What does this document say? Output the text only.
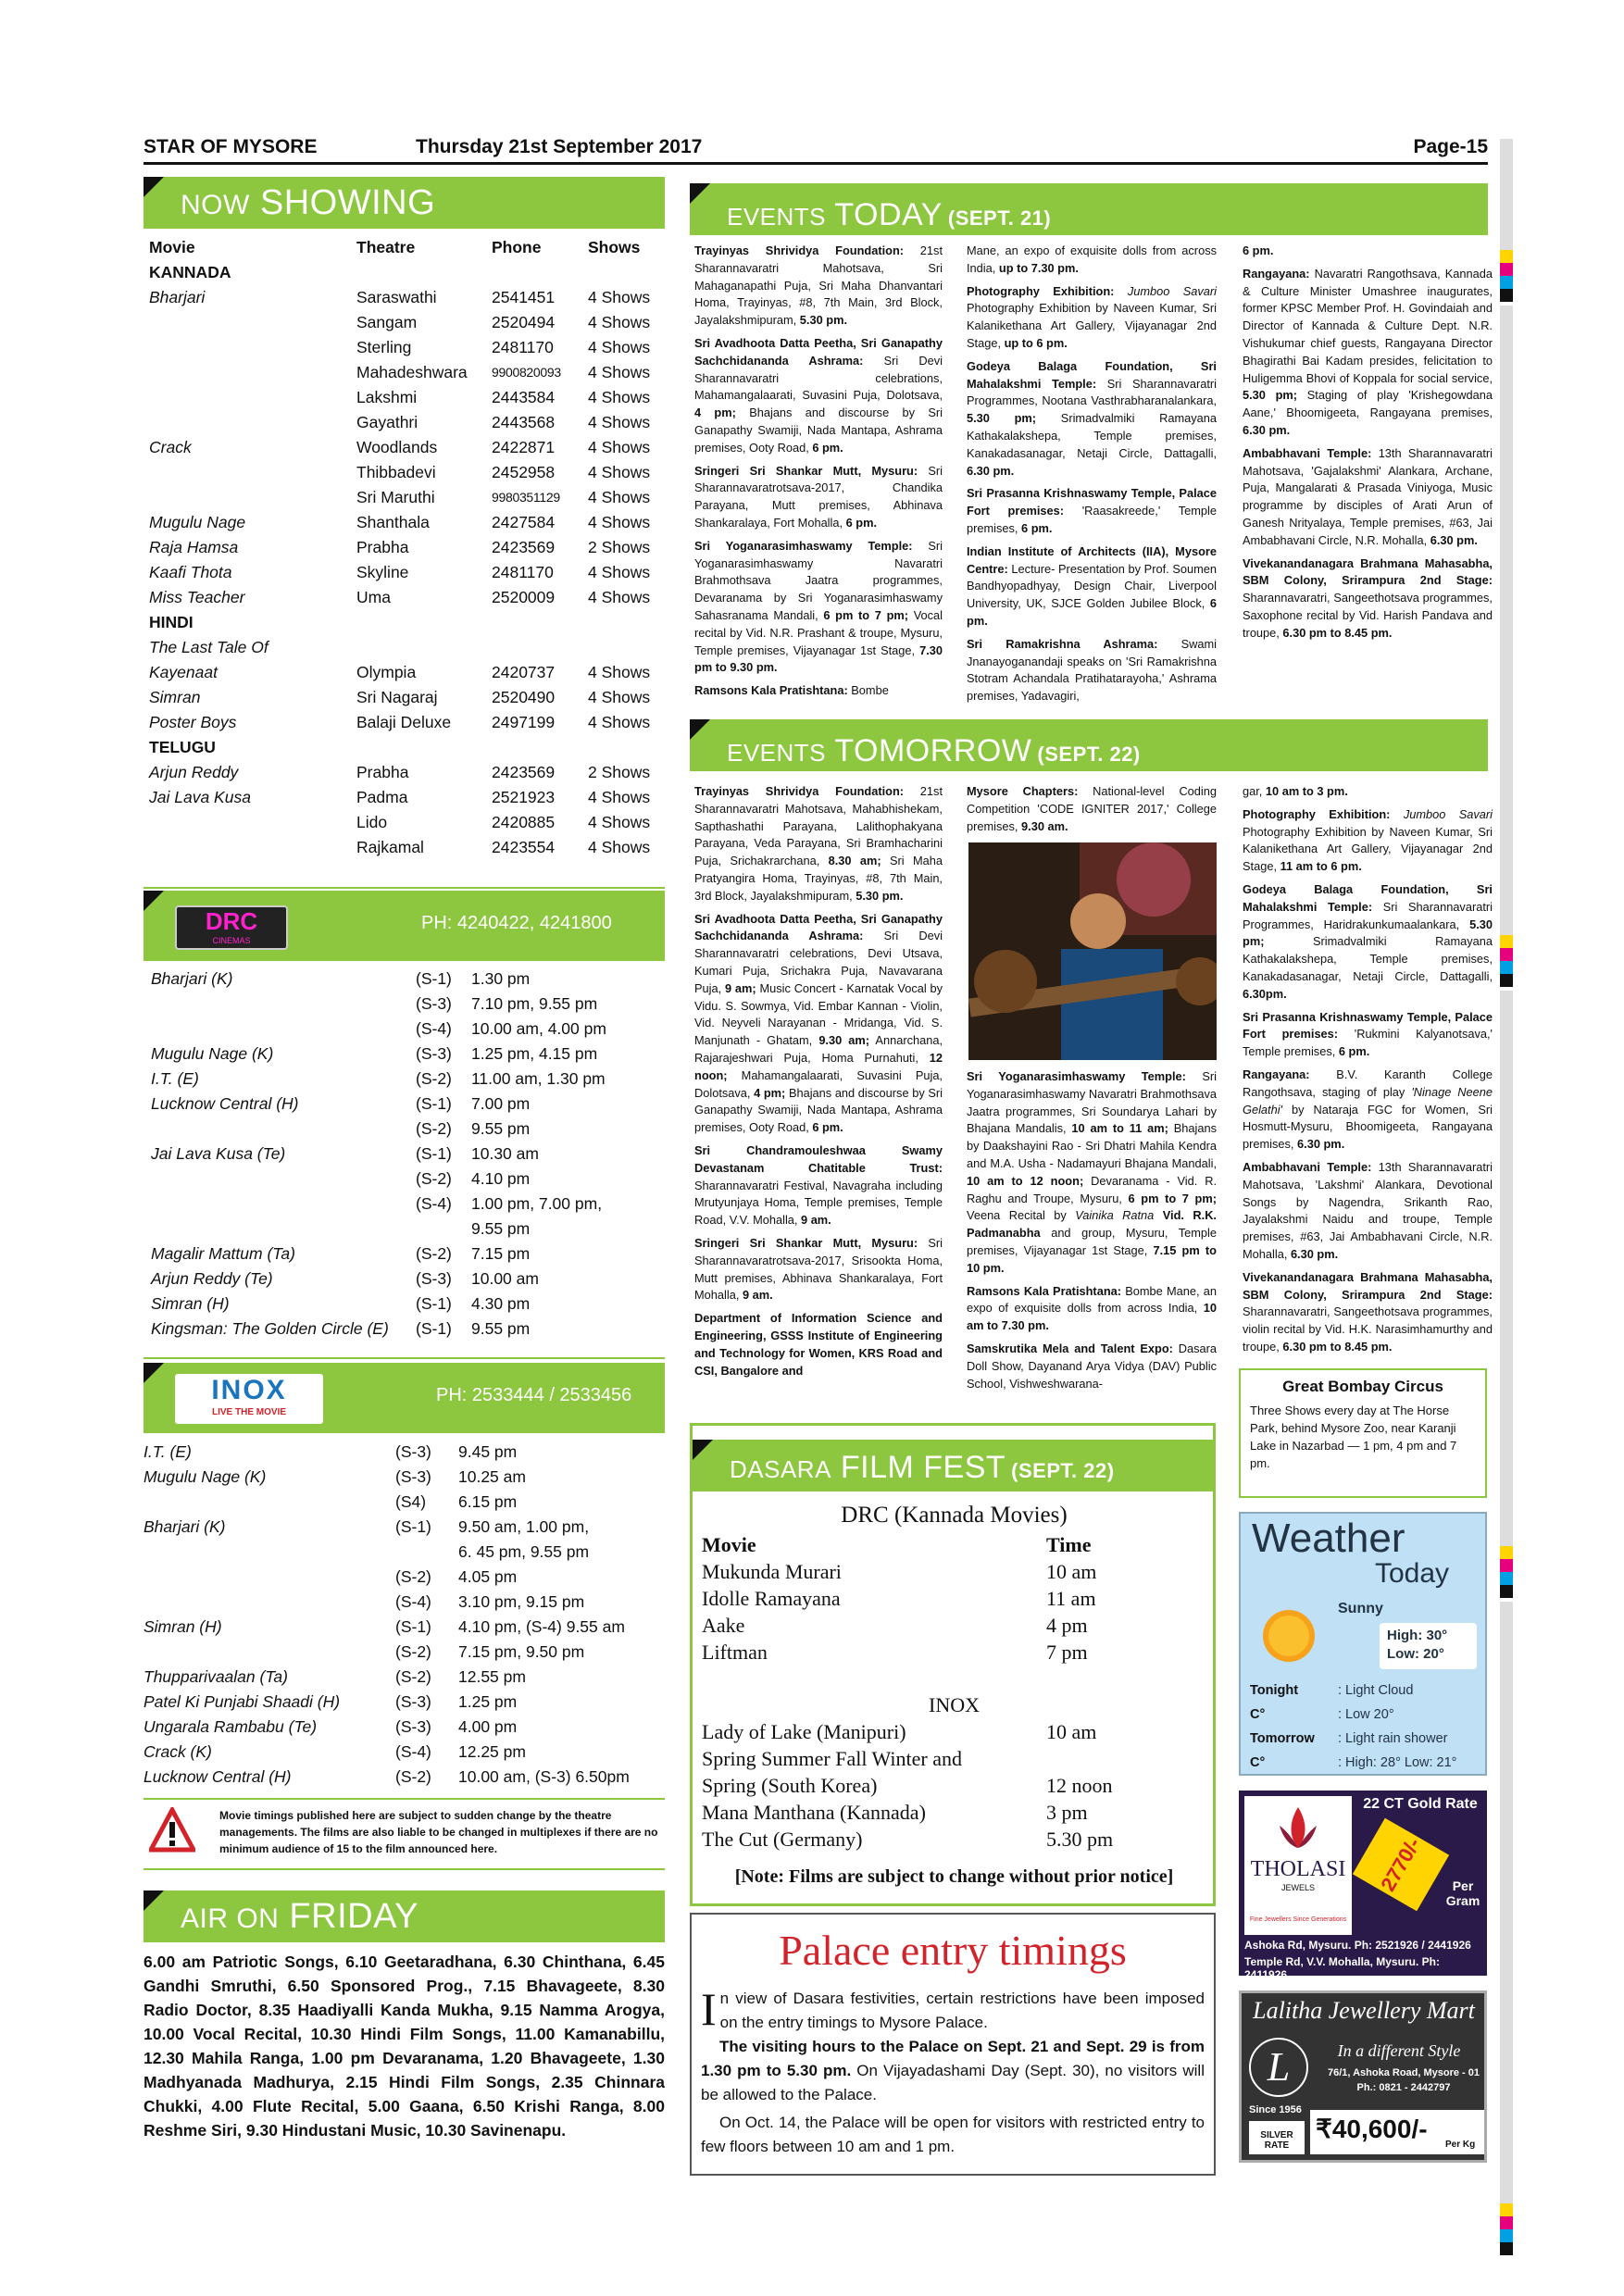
STAR OF MYSORE	Thursday 21st September 2017	Page-15
NOW SHOWING
Movie	Theatre	Phone	Shows
KANNADA
Bharjari	Saraswathi	2541451 4 Shows
Sangam	2520494 4 Shows
Sterling	2481170 4 Shows
Mahadeshwara 9900820093 4 Shows
Lakshmi	2443584 4 Shows
Gayathri	2443568 4 Shows
Crack	Woodlands	2422871 4 Shows
Thibbadevi	2452958 4 Shows
Sri Maruthi	9980351129 4 Shows
Mugulu Nage	Shanthala	2427584 4 Shows
Raja Hamsa	Prabha	2423569 2 Shows
Kaafi Thota	Skyline	2481170 4 Shows
Miss Teacher	Uma	2520009 4 Shows
HINDI
The Last Tale Of
Kayenaat	Olympia	2420737 4 Shows
Simran	Sri Nagaraj	2520490 4 Shows
Poster Boys	Balaji Deluxe	2497199 4 Shows
TELUGU
Arjun Reddy	Prabha	2423569 2 Shows
Jai Lava Kusa	Padma	2521923 4 Shows
Lido	2420885 4 Shows
Rajkamal	2423554 4 Shows
DRC
CINEMAS
PH: 4240422, 4241800
Bharjari (K)	(S-1) 1.30 pm
(S-3) 7.10 pm, 9.55 pm
(S-4) 10.00 am, 4.00 pm
Mugulu Nage (K)	(S-3) 1.25 pm, 4.15 pm
I.T. (E)	(S-2) 11.00 am, 1.30 pm
Lucknow Central (H)	(S-1) 7.00 pm
(S-2) 9.55 pm
Jai Lava Kusa (Te)	(S-1) 10.30 am
(S-2) 4.10 pm
(S-4) 1.00 pm, 7.00 pm,
9.55 pm
Magalir Mattum (Ta)	(S-2) 7.15 pm
Arjun Reddy (Te)	(S-3) 10.00 am
Simran (H)	(S-1) 4.30 pm
Kingsman: The Golden Circle (E) (S-1) 9.55 pm
INOX
LIVE THE MOVIE
PH: 2533444 / 2533456
I.T. (E)	(S-3) 9.45 pm
Mugulu Nage (K)	(S-3) 10.25 am
(S4) 6.15 pm
Bharjari (K)	(S-1) 9.50 am, 1.00 pm,
6. 45 pm, 9.55 pm
(S-2) 4.05 pm
(S-4) 3.10 pm, 9.15 pm
Simran (H)	(S-1) 4.10 pm, (S-4) 9.55 am
(S-2) 7.15 pm, 9.50 pm
Thupparivaalan (Ta)	(S-2) 12.55 pm
Patel Ki Punjabi Shaadi (H)	(S-3) 1.25 pm
Ungarala Rambabu (Te)	(S-3) 4.00 pm
Crack (K)	(S-4) 12.25 pm
Lucknow Central (H)	(S-2) 10.00 am, (S-3) 6.50pm
Movie timings published here are subject to sudden change by the theatre managements. The films are also liable to be changed in multiplexes if there are no minimum audience of 15 to the film announced here.
AIR ON FRIDAY
6.00 am Patriotic Songs, 6.10 Geetaradhana, 6.30 Chinthana, 6.45 Gandhi Smruthi, 6.50 Sponsored Prog., 7.15 Bhavageete, 8.30 Radio Doctor, 8.35 Haadiyalli Kanda Mukha, 9.15 Namma Arogya, 10.00 Vocal Recital, 10.30 Hindi Film Songs, 11.00 Kamanabillu, 12.30 Mahila Ranga, 1.00 pm Devaranama, 1.20 Bhavageete, 1.30 Madhyanada Madhurya, 2.15 Hindi Film Songs, 2.35 Chinnara Chukki, 4.00 Flute Recital, 5.00 Gaana, 6.50 Krishi Ranga, 8.00 Reshme Siri, 9.30 Hindustani Music, 10.30 Savinenapu.
EVENTS TODAY (SEPT. 21)

Trayinyas Shrividya Foundation: 21st Sharannavaratri Mahotsava, Sri Mahaganapathi Puja, Sri Maha Dhanvantari Homa, Trayinyas, #8, 7th Main, 3rd Block, Jayalakshmipuram, 5.30 pm.

Sri Avadhoota Datta Peetha, Sri Ganapathy Sachchidananda Ashrama: Sri Devi Sharannavaratri celebrations, Mahamangalaarati, Suvasini Puja, Dolotsava, 4 pm; Bhajans and discourse by Sri Ganapathy Swamiji, Nada Mantapa, Ashrama premises, Ooty Road, 6 pm.

Sringeri Sri Shankar Mutt, Mysuru: Sri Sharannavaratrotsava-2017, Chandika Parayana, Mutt premises, Abhinava Shankaralaya, Fort Mohalla, 6 pm.

Sri Yoganarasimhaswamy Temple: Sri Yoganarasimhaswamy Navaratri Brahmothsava Jaatra programmes, Devaranama by Sri Yoganarasimhaswamy Sahasranama Mandali, 6 pm to 7 pm; Vocal recital by Vid. N.R. Prashant & troupe, Mysuru, Temple premises, Vijayanagar 1st Stage, 7.30 pm to 9.30 pm.

Ramsons Kala Pratishtana: Bombe

Mane, an expo of exquisite dolls from across India, up to 7.30 pm.

Photography Exhibition: Jumboo Savari Photography Exhibition by Naveen Kumar, Sri Kalanikethana Art Gallery, Vijayanagar 2nd Stage, up to 6 pm.

Godeya Balaga Foundation, Sri Mahalakshmi Temple: Sri Sharannavaratri Programmes, Nootana Vasthrabharanalankara, 5.30 pm; Srimadvalmiki Ramayana Kathakalakshepa, Temple premises, Kanakadasanagar, Netaji Circle, Dattagalli, 6.30 pm.

Sri Prasanna Krishnaswamy Temple, Palace Fort premises: 'Raasakreede,' Temple premises, 6 pm.

Indian Institute of Architects (IIA), Mysore Centre: Lecture- Presentation by Prof. Soumen Bandhyopadhyay, Design Chair, Liverpool University, UK, SJCE Golden Jubilee Block, 6 pm.

Sri Ramakrishna Ashrama: Swami Jnanayoganandaji speaks on 'Sri Ramakrishna Stotram Achandala Pratihatarayoha,' Ashrama premises, Yadavagiri,

6 pm.

Rangayana: Navaratri Rangothsava, Kannada & Culture Minister Umashree inaugurates, former KPSC Member Prof. H. Govindaiah and Director of Kannada & Culture Dept. N.R. Vishukumar chief guests, Rangayana Director Bhagirathi Bai Kadam presides, felicitation to Huligemma Bhovi of Koppala for social service, 5.30 pm; Staging of play 'Krishegowdana Aane,' Bhoomigeeta, Rangayana premises, 6.30 pm.

Ambabhavani Temple: 13th Sharannavaratri Mahotsava, 'Gajalakshmi' Alankara, Archane, Puja, Mangalarati & Prasada Viniyoga, Music programme by disciples of Arati Arun of Ganesh Nrityalaya, Temple premises, #63, Jai Ambabhavani Circle, N.R. Mohalla, 6.30 pm.

Vivekanandanagara Brahmana Mahasabha, SBM Colony, Srirampura 2nd Stage: Sharannavaratri, Sangeethotsava programmes, Saxophone recital by Vid. Harish Pandava and troupe, 6.30 pm to 8.45 pm.

EVENTS TOMORROW (SEPT. 22)

Trayinyas Shrividya Foundation: 21st Sharannavaratri Mahotsava, Mahabhishekam, Sapthashathi Parayana, Lalithophakyana Parayana, Veda Parayana, Sri Bramhacharini Puja, Srichakrarchana, 8.30 am; Sri Maha Pratyangira Homa, Trayinyas, #8, 7th Main, 3rd Block, Jayalakshmipuram, 5.30 pm.

Sri Avadhoota Datta Peetha, Sri Ganapathy Sachchidananda Ashrama: Sri Devi Sharannavaratri celebrations, Devi Utsava, Kumari Puja, Srichakra Puja, Navavarana Puja, 9 am; Music Concert - Karnatak Vocal by Vidu. S. Sowmya, Vid. Embar Kannan - Violin, Vid. Neyveli Narayanan - Mridanga, Vid. S. Manjunath - Ghatam, 9.30 am; Annarchana, Rajarajeshwari Puja, Homa Purnahuti, 12 noon; Mahamangalaarati, Suvasini Puja, Dolotsava, 4 pm; Bhajans and discourse by Sri Ganapathy Swamiji, Nada Mantapa, Ashrama premises, Ooty Road, 6 pm.

Sri Chandramouleshwaa Swamy Devastanam Chatitable Trust: Sharannavaratri Festival, Navagraha including Mrutyunjaya Homa, Temple premises, Temple Road, V.V. Mohalla, 9 am.

Sringeri Sri Shankar Mutt, Mysuru: Sri Sharannavaratrotsava-2017, Srisookta Homa, Mutt premises, Abhinava Shankaralaya, Fort Mohalla, 9 am.

Department of Information Science and Engineering, GSSS Institute of Engineering and Technology for Women, KRS Road and CSI, Bangalore and

Mysore Chapters: National-level Coding Competition 'CODE IGNITER 2017,' College premises, 9.30 am.

Sri Yoganarasimhaswamy Temple: Sri Yoganarasimhaswamy Navaratri Brahmothsava Jaatra programmes, Sri Soundarya Lahari by Bhajana Mandalis, 10 am to 11 am; Bhajans by Daakshayini Rao - Sri Dhatri Mahila Kendra and M.A. Usha - Nadamayuri Bhajana Mandali, 10 am to 12 noon; Devaranama - Vid. R. Raghu and Troupe, Mysuru, 6 pm to 7 pm; Veena Recital by Vainika Ratna Vid. R.K. Padmanabha and group, Mysuru, Temple premises, Vijayanagar 1st Stage, 7.15 pm to 10 pm.

Ramsons Kala Pratishtana: Bombe Mane, an expo of exquisite dolls from across India, 10 am to 7.30 pm.

Samskrutika Mela and Talent Expo: Dasara Doll Show, Dayanand Arya Vidya (DAV) Public School, Vishweshwarana-

gar, 10 am to 3 pm.

Photography Exhibition: Jumboo Savari Photography Exhibition by Naveen Kumar, Sri Kalanikethana Art Gallery, Vijayanagar 2nd Stage, 11 am to 6 pm.

Godeya Balaga Foundation, Sri Mahalakshmi Temple: Sri Sharannavaratri Programmes, Haridrakunkumaalankara, 5.30 pm; Srimadvalmiki Ramayana Kathakalakshepa, Temple premises, Kanakadasanagar, Netaji Circle, Dattagalli, 6.30pm.

Sri Prasanna Krishnaswamy Temple, Palace Fort premises: 'Rukmini Kalyanotsava,' Temple premises, 6 pm.

Rangayana: B.V. Karanth College Rangothsava, staging of play 'Ninage Neene Gelathi' by Nataraja FGC for Women, Sri Hosmutt-Mysuru, Bhoomigeeta, Rangayana premises, 6.30 pm.

Ambabhavani Temple: 13th Sharannavaratri Mahotsava, 'Lakshmi' Alankara, Devotional Songs by Nagendra, Srikanth Rao, Jayalakshmi Naidu and troupe, Temple premises, #63, Jai Ambabhavani Circle, N.R. Mohalla, 6.30 pm.

Vivekanandanagara Brahmana Mahasabha, SBM Colony, Srirampura 2nd Stage: Sharannavaratri, Sangeethotsava programmes, violin recital by Vid. H.K. Narasimhamurthy and troupe, 6.30 pm to 8.45 pm.

DASARA FILM FEST (SEPT. 22)
DRC (Kannada Movies)
Movie	Time
Mukunda Murari	10 am
Idolle Ramayana	11 am
Aake	4 pm
Liftman	7 pm
INOX
Lady of Lake (Manipuri)	10 am
Spring Summer Fall Winter and
Spring (South Korea)	12 noon
Mana Manthana (Kannada)	3 pm
The Cut (Germany)	5.30 pm
[Note: Films are subject to change without prior notice]
Palace entry timings
In view of Dasara festivities, certain restrictions have been imposed on the entry timings to Mysore Palace.
The visiting hours to the Palace on Sept. 21 and Sept. 29 is from 1.30 pm to 5.30 pm. On Vijayadashami Day (Sept. 30), no visitors will be allowed to the Palace.
On Oct. 14, the Palace will be open for visitors with restricted entry to few floors between 10 am and 1 pm.
Great Bombay Circus
Three Shows every day at The Horse Park, behind Mysore Zoo, near Karanji Lake in Nazarbad — 1 pm, 4 pm and 7 pm.
Weather
Today
Sunny
High: 30°
Low: 20°
Tonight	: Light Cloud
C°	: Low 20°
Tomorrow : Light rain shower
C°	: High: 28° Low: 21°
THOLASI
JEWELS
Fine Jewellers Since Generations
22 CT Gold Rate
2770/-	Per Gram
Ashoka Rd, Mysuru. Ph: 2521926 / 2441926
Temple Rd, V.V. Mohalla, Mysuru. Ph: 2411926
Lalitha Jewellery Mart
In a different Style
L	76/1, Ashoka Road, Mysore - 01
Ph.: 0821 - 2442797
Since 1956
SILVER RATE
₹40,600/-
Per Kg
